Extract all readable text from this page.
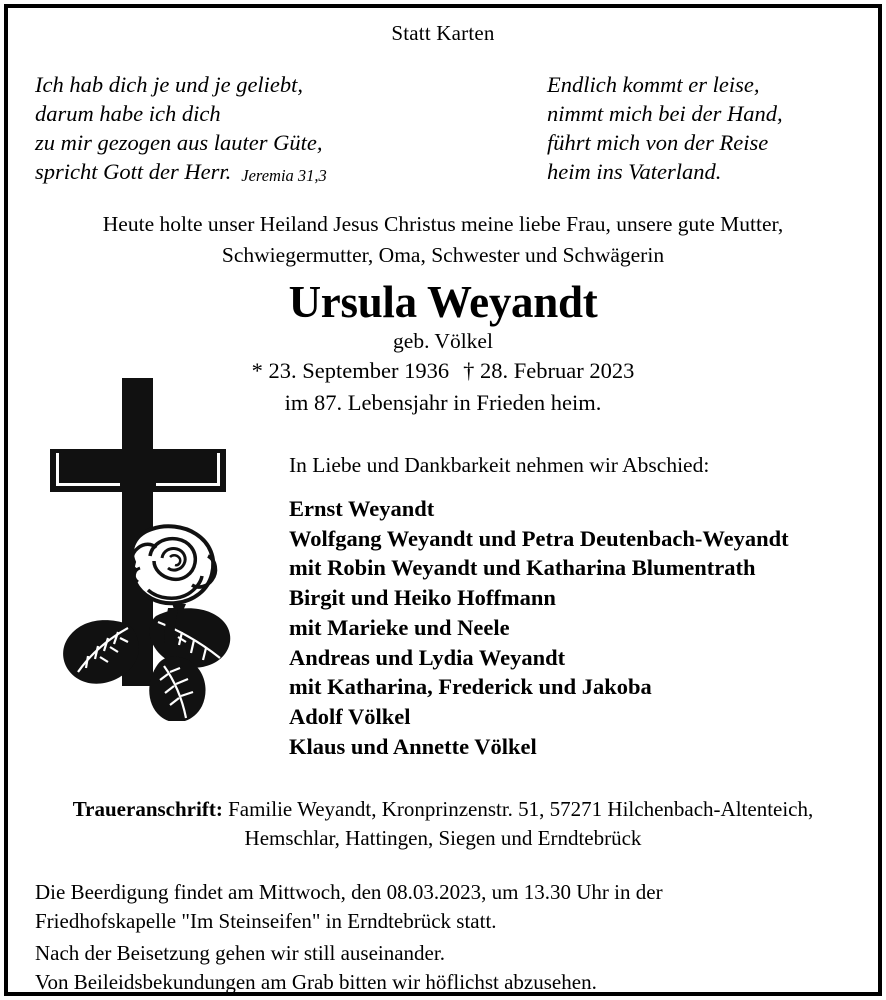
Statt Karten
Ich hab dich je und je geliebt,
darum habe ich dich
zu mir gezogen aus lauter Güte,
spricht Gott der Herr. Jeremia 31,3
Endlich kommt er leise,
nimmt mich bei der Hand,
führt mich von der Reise
heim ins Vaterland.
Heute holte unser Heiland Jesus Christus meine liebe Frau, unsere gute Mutter,
Schwiegermutter, Oma, Schwester und Schwägerin
Ursula Weyandt
geb. Völkel
* 23. September 1936 † 28. Februar 2023
im 87. Lebensjahr in Frieden heim.
In Liebe und Dankbarkeit nehmen wir Abschied:
Ernst Weyandt
Wolfgang Weyandt und Petra Deutenbach-Weyandt
mit Robin Weyandt und Katharina Blumentrath
Birgit und Heiko Hoffmann
mit Marieke und Neele
Andreas und Lydia Weyandt
mit Katharina, Frederick und Jakoba
Adolf Völkel
Klaus und Annette Völkel
Traueranschrift: Familie Weyandt, Kronprinzenstr. 51, 57271 Hilchenbach-Altenteich,
Hemschlar, Hattingen, Siegen und Erndtebrück
Die Beerdigung findet am Mittwoch, den 08.03.2023, um 13.30 Uhr in der
Friedhofskapelle "Im Steinseifen" in Erndtebrück statt.
Nach der Beisetzung gehen wir still auseinander.
Von Beileidsbekundungen am Grab bitten wir höflichst abzusehen.
